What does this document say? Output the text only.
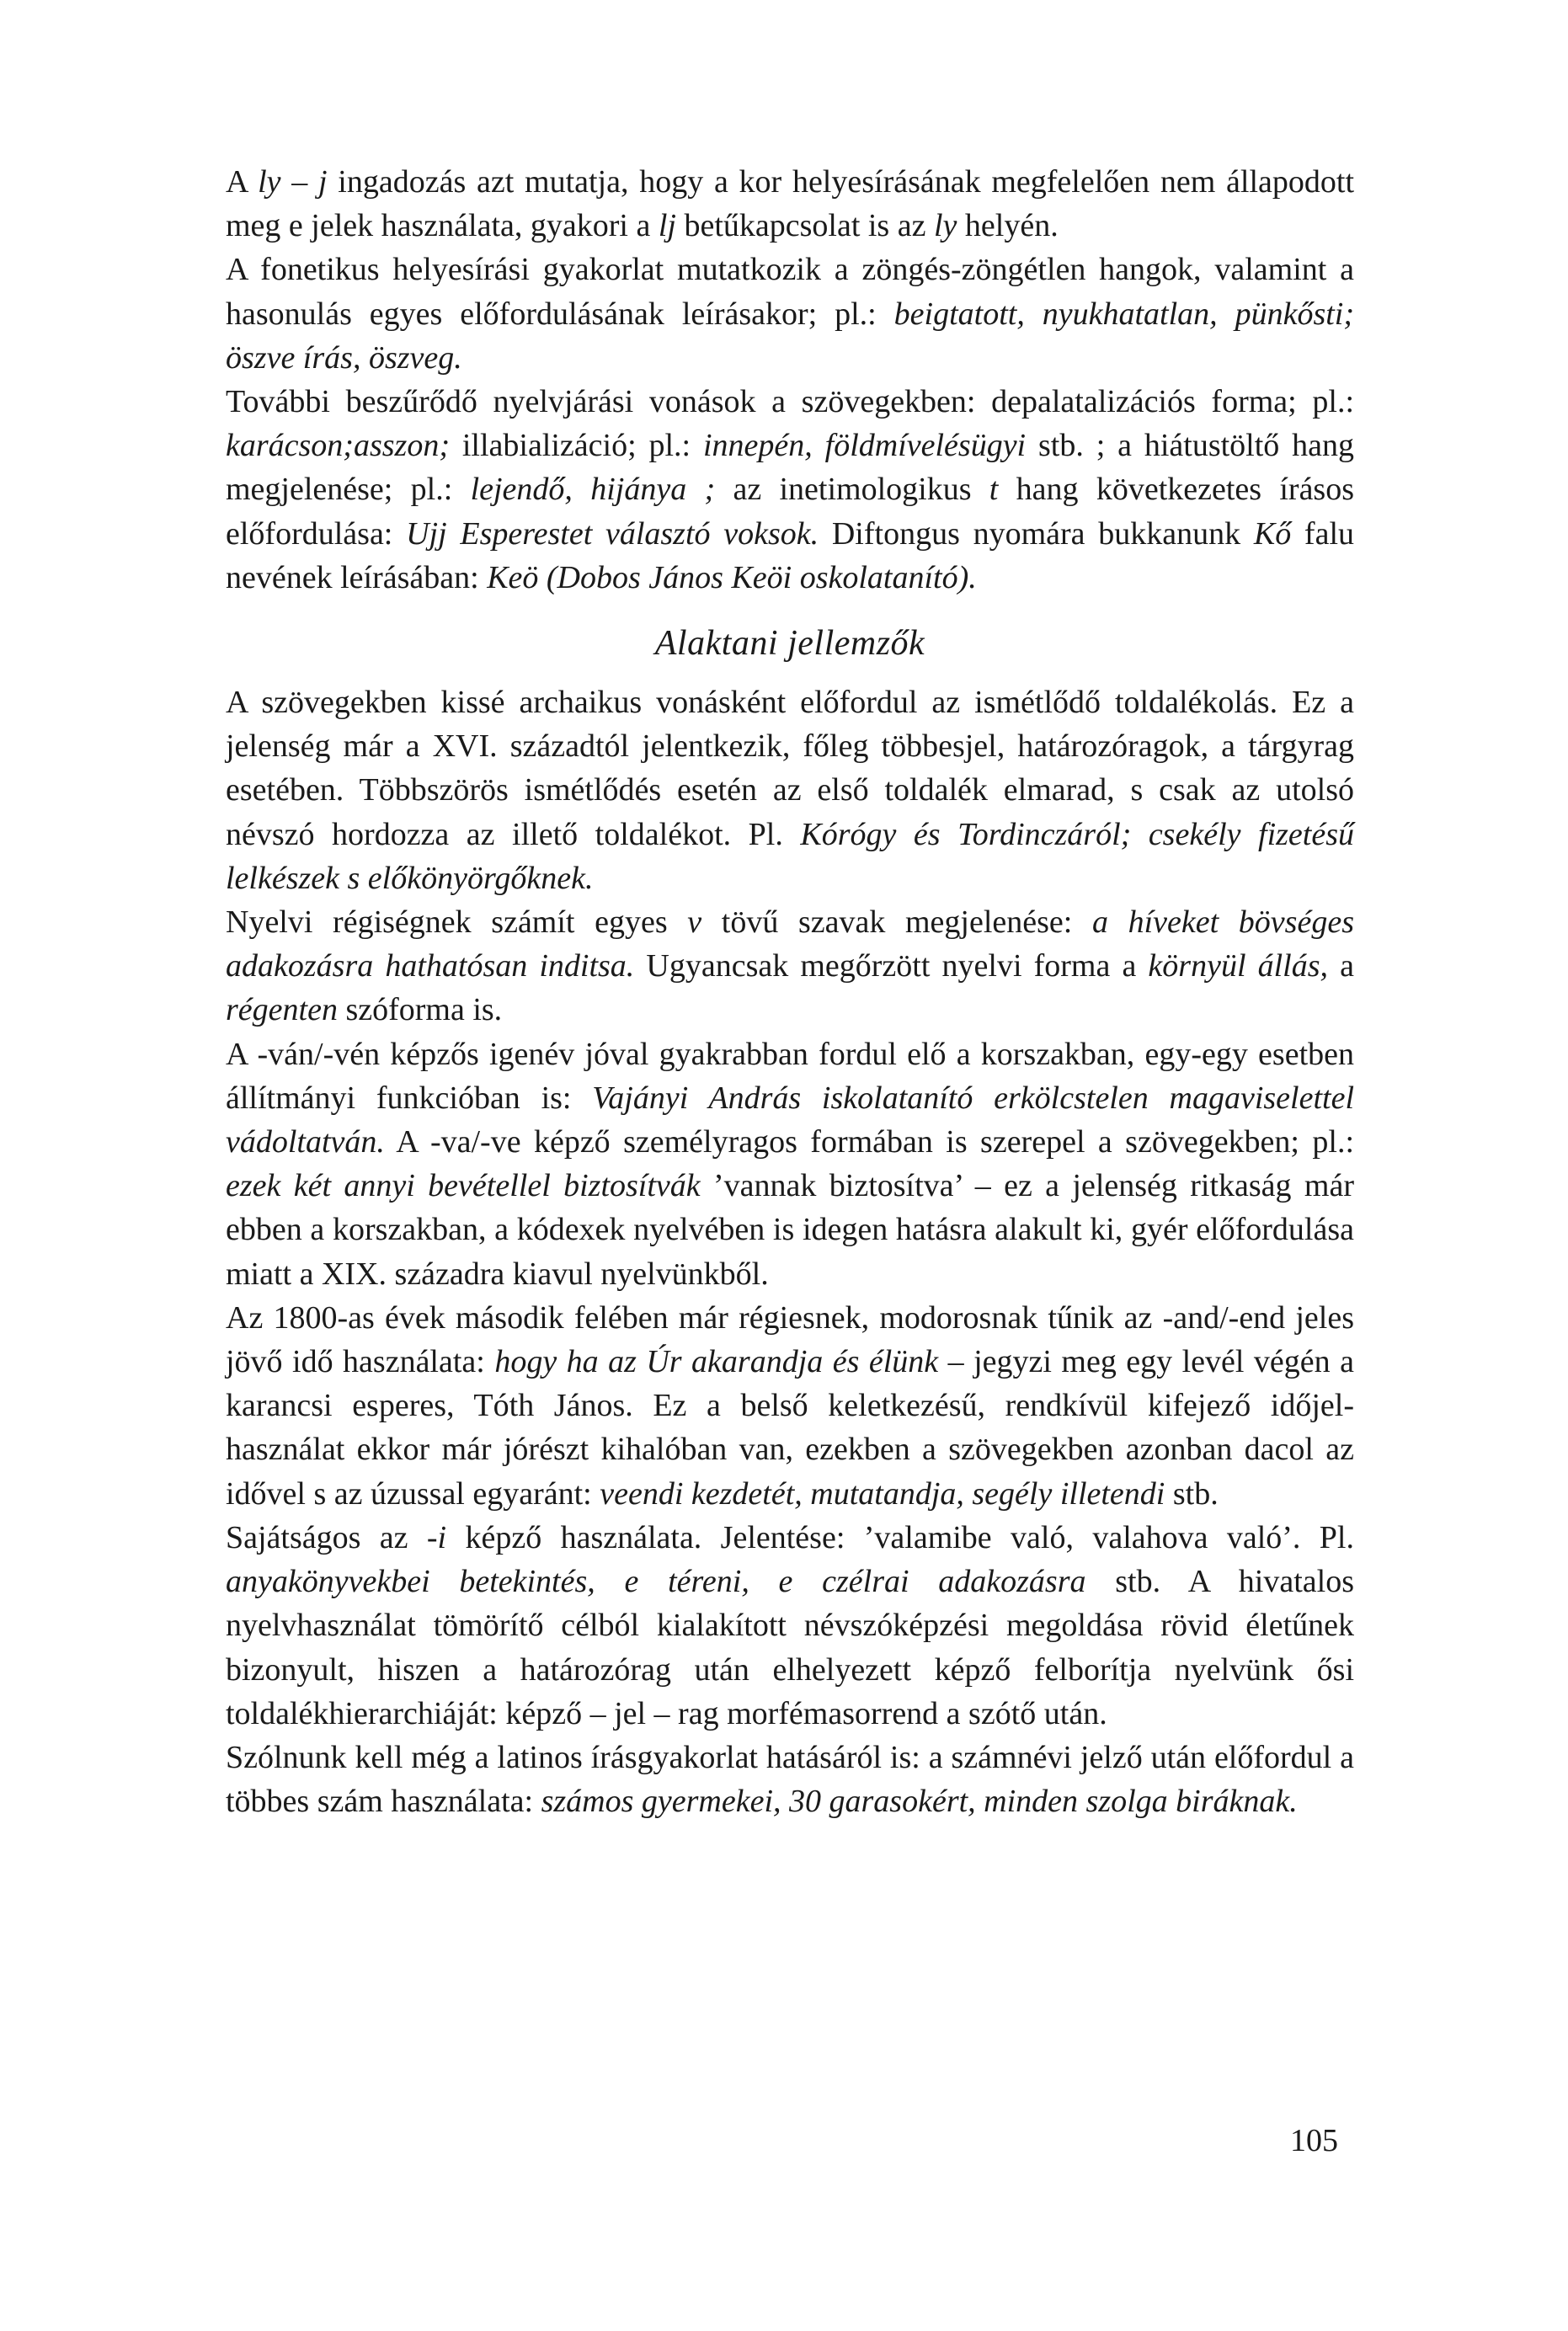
A ly – j ingadozás azt mutatja, hogy a kor helyesírásának megfelelően nem állapodott meg e jelek használata, gyakori a lj betűkapcsolat is az ly helyén.

A fonetikus helyesírási gyakorlat mutatkozik a zöngés-zöngétlen hangok, valamint a hasonulás egyes előfordulásának leírásakor; pl.: beigtatott, nyukhatatlan, pünkősti; öszve írás, öszveg.

További beszűrődő nyelvjárási vonások a szövegekben: depalatalizációs forma; pl.: karácson;asszon; illabializáció; pl.: innepén, földmívelésügyi stb. ; a hiátustöltő hang megjelenése; pl.: lejendő, hijánya ; az inetimologikus t hang következetes írásos előfordulása: Ujj Esperestet választó voksok. Diftongus nyomára bukkanunk Kő falu nevének leírásában: Keö (Dobos János Keöi oskolatanító).

Alaktani jellemzők

A szövegekben kissé archaikus vonásként előfordul az ismétlődő toldalékolás. Ez a jelenség már a XVI. századtól jelentkezik, főleg többesjel, határozóragok, a tárgyrag esetében. Többszörös ismétlődés esetén az első toldalék elmarad, s csak az utolsó névszó hordozza az illető toldalékot. Pl. Kórógy és Tordinczáról; csekély fizetésű lelkészek s előkönyörgőknek.

Nyelvi régiségnek számít egyes v tövű szavak megjelenése: a híveket bövséges adakozásra hathatósan inditsa. Ugyancsak megőrzött nyelvi forma a környül állás, a régenten szóforma is.

A -ván/-vén képzős igenév jóval gyakrabban fordul elő a korszakban, egy-egy esetben állítmányi funkcióban is: Vajányi András iskolatanító erkölcstelen magaviselettel vádoltatván. A -va/-ve képző személyragos formában is szerepel a szövegekben; pl.: ezek két annyi bevétellel biztosítvák ’vannak biztosítva’ – ez a jelenség ritkaság már ebben a korszakban, a kódexek nyelvében is idegen hatásra alakult ki, gyér előfordulása miatt a XIX. századra kiavul nyelvünkből.

Az 1800-as évek második felében már régiesnek, modorosnak tűnik az -and/-end jeles jövő idő használata: hogy ha az Úr akarandja és élünk – jegyzi meg egy levél végén a karancsi esperes, Tóth János. Ez a belső keletkezésű, rendkívül kifejező időjel-használat ekkor már jórészt kihalóban van, ezekben a szövegekben azonban dacol az idővel s az úzussal egyaránt: veendi kezdetét, mutatandja, segély illetendi stb.

Sajátságos az -i képző használata. Jelentése: ’valamibe való, valahova való’. Pl. anyakönyvekbei betekintés, e téreni, e czélrai adakozásra stb. A hivatalos nyelvhasználat tömörítő célból kialakított névszóképzési megoldása rövid életűnek bizonyult, hiszen a határozórag után elhelyezett képző felborítja nyelvünk ősi toldalékhierarchiáját: képző – jel – rag morfémasorrend a szótő után.

Szólnunk kell még a latinos írásgyakorlat hatásáról is: a számnévi jelző után előfordul a többes szám használata: számos gyermekei, 30 garasokért, minden szolga biráknak.

105
